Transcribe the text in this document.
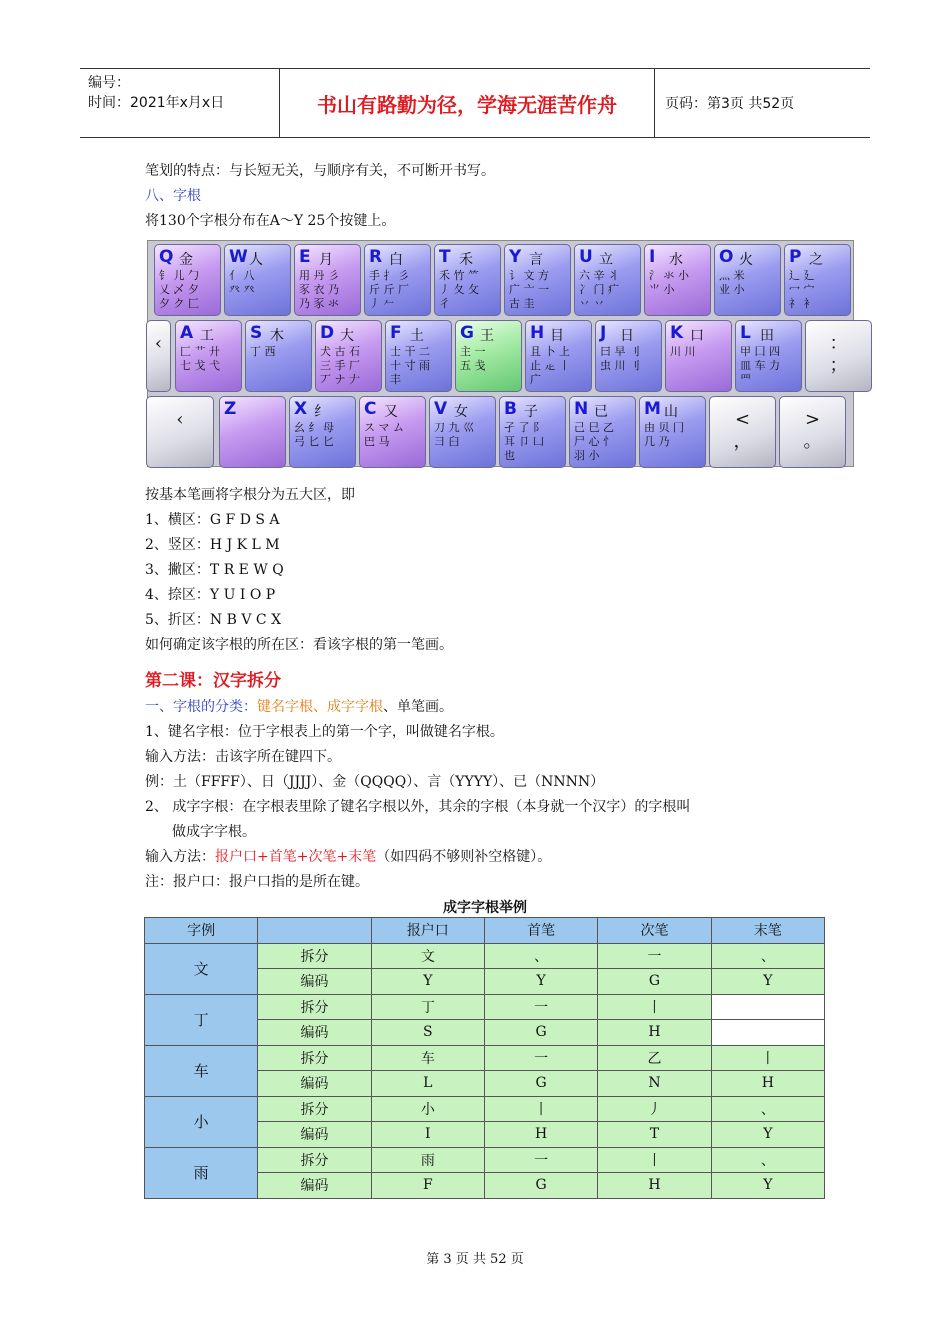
编号：
时间：2021年x月x日	书山有路勤为径，学海无涯苦作舟	页码：第3页 共52页
笔划的特点：与长短无关，与顺序有关，不可断开书写。
八、字根
将130个字根分布在A～Y 25个按键上。
Q 金
钅 儿 勹
乂 乄 夕
夕 ク 匚
W 人
亻 八
癶 癶
E 月
用 丹 彡
豕 衣 乃
乃 豕 氺
R 白
手 扌 彡
斤 斤 厂
丿 𠂉
T 禾
禾 竹 ⺮
丿 夂 攵
彳
Y 言
讠 文 方
广 亠 一
古 圭
U 立
六 辛 丬
冫 门 疒
丷 丷
I 水
氵 氺 小
⺌ 小
O 火
灬 米
业 小
P 之
辶 廴
冖 宀
礻 衤
‹	A 工
匚 艹 廾
七 戈 弋
S 木
丁 西
D 大
犬 古 石
三 手 厂
丆 ナ 𠂇
F 土
士 干 二
十 寸 雨
丰
G 王
主 一
五 戋
H 目
且 卜 上
止 龰 丨
广
J 日
曰 早 刂
虫 川 刂
K 口
川 川
L 田
甲 囗 四
皿 车 力
罒
：
；
‹	Z	X 纟
幺 纟 母
弓 匕 匕
C 又
ス マ ム
巴 马
V 女
刀 九 巛
彐 臼
B 子
孑 了 阝
耳 卩 凵
也
N 已
己 巳 乙
尸 心 忄
羽 小
M 山
由 贝 冂
几 乃
<
，
>
。
按基本笔画将字根分为五大区，即
1、横区：G F D S A
2、竖区：H J K L M
3、撇区：T R E W Q
4、捺区：Y U I O P
5、折区：N B V C X
如何确定该字根的所在区：看该字根的第一笔画。
第二课：汉字拆分
一、字根的分类：键名字根、成字字根、单笔画。
1、键名字根：位于字根表上的第一个字，叫做键名字根。
输入方法：击该字所在键四下。
例：土（FFFF）、日（JJJJ）、金（QQQQ）、言（YYYY）、已（NNNN）
2、 成字字根：在字根表里除了键名字根以外，其余的字根（本身就一个汉字）的字根叫
做成字字根。
输入方法：报户口+首笔+次笔+末笔（如四码不够则补空格键）。
注：报户口：报户口指的是所在键。
成字字根举例
字例		报户口	首笔	次笔	末笔
文	拆分	文	、	一	、
	编码	Y	Y	G	Y
丁	拆分	丁	一	丨	
	编码	S	G	H	
车	拆分	车	一	乙	丨
	编码	L	G	N	H
小	拆分	小	丨	丿	、
	编码	I	H	T	Y
雨	拆分	雨	一	丨	、
	编码	F	G	H	Y
第 3 页 共 52 页
